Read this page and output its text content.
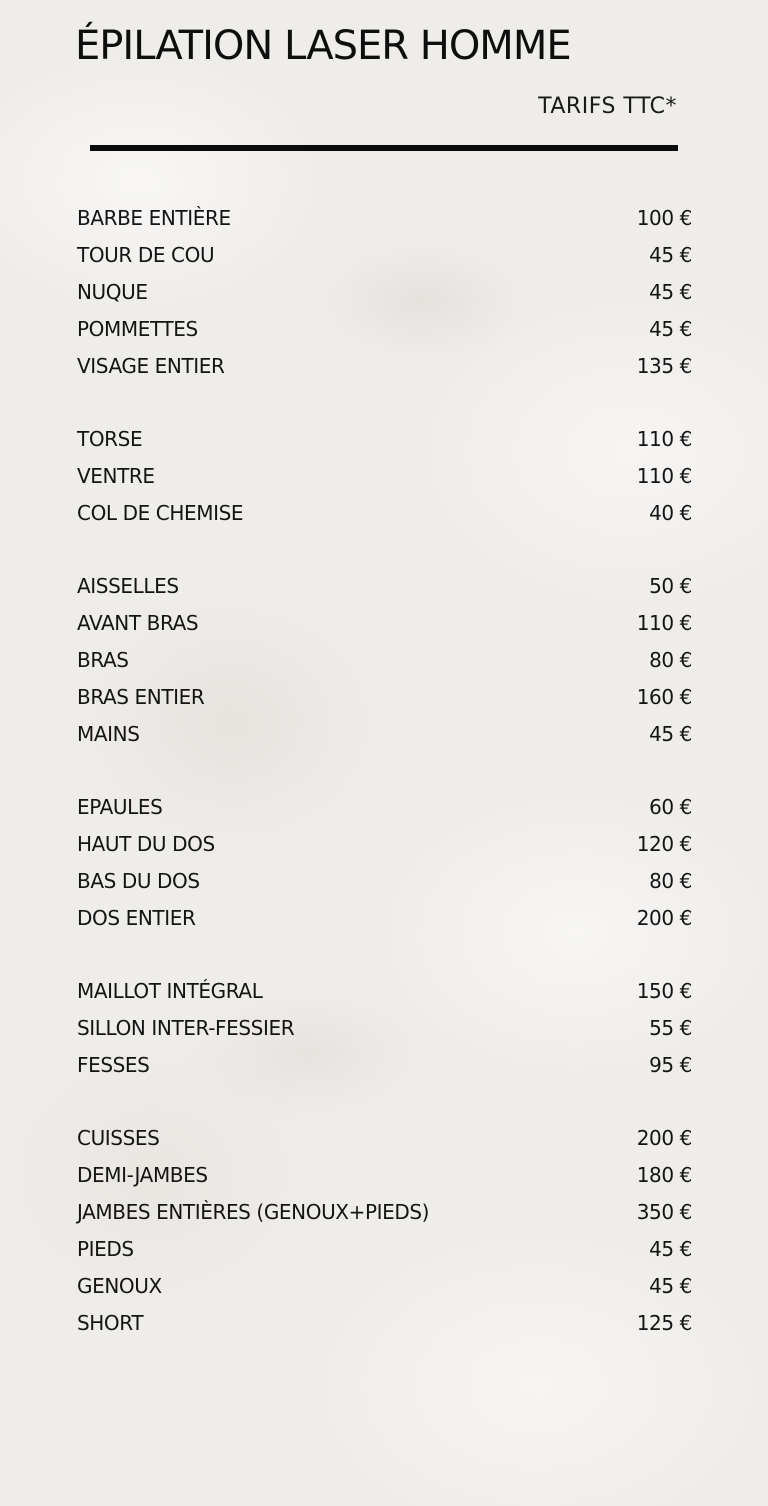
ÉPILATION LASER HOMME
TARIFS TTC*
BARBE ENTIÈRE	100 €
TOUR DE COU	45 €
NUQUE	45 €
POMMETTES	45 €
VISAGE ENTIER	135 €
TORSE	110 €
VENTRE	110 €
COL DE CHEMISE	40 €
AISSELLES	50 €
AVANT BRAS	110 €
BRAS	80 €
BRAS ENTIER	160 €
MAINS	45 €
EPAULES	60 €
HAUT DU DOS	120 €
BAS DU DOS	80 €
DOS ENTIER	200 €
MAILLOT INTÉGRAL	150 €
SILLON INTER-FESSIER	55 €
FESSES	95 €
CUISSES	200 €
DEMI-JAMBES	180 €
JAMBES ENTIÈRES (GENOUX+PIEDS)	350 €
PIEDS	45 €
GENOUX	45 €
SHORT	125 €
